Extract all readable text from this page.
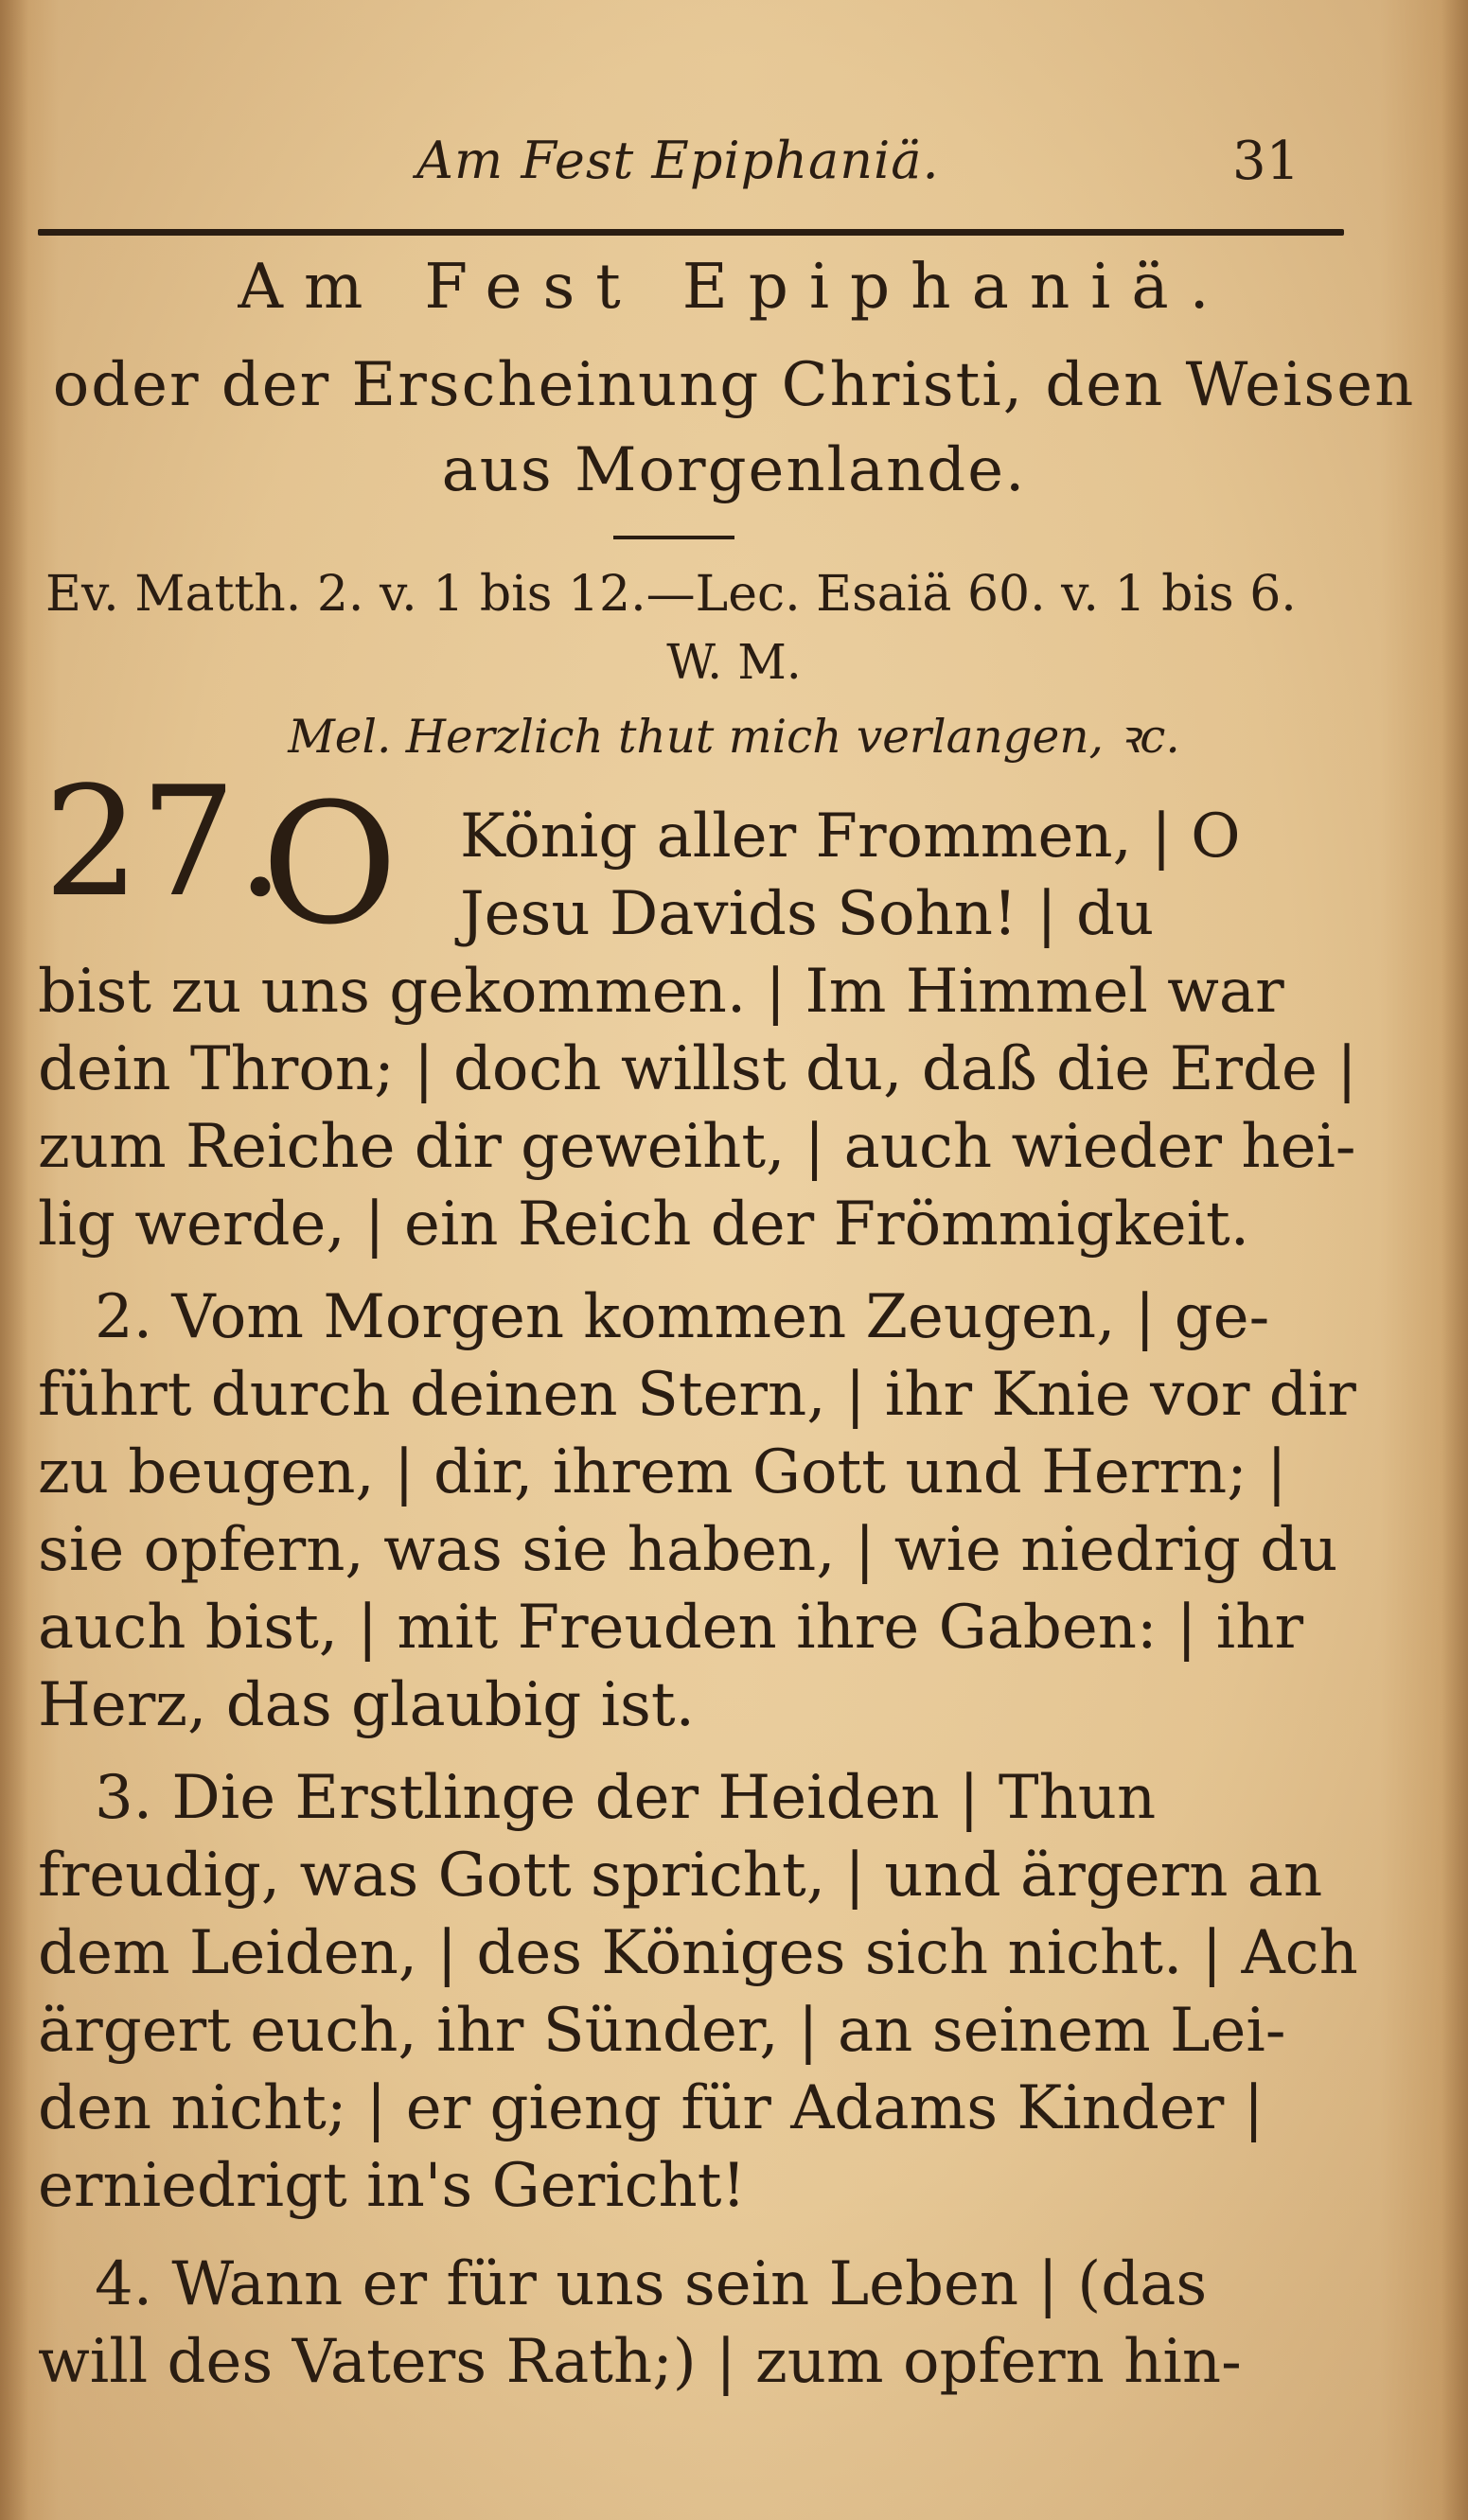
Am Fest Epiphaniä.	31
Am Fest Epiphaniä.
oder der Erscheinung Christi, den Weisen
aus Morgenlande.
Ev. Matth. 2. v. 1 bis 12.—Lec. Esaiä 60. v. 1 bis 6.
W. M.
Mel. Herzlich thut mich verlangen, ꝛc.
27.
O König aller Frommen, | O
Jesu Davids Sohn! | du
bist zu uns gekommen. | Im Himmel war
dein Thron; | doch willst du, daß die Erde |
zum Reiche dir geweiht, | auch wieder hei-
lig werde, | ein Reich der Frömmigkeit.
2. Vom Morgen kommen Zeugen, | ge-
führt durch deinen Stern, | ihr Knie vor dir
zu beugen, | dir, ihrem Gott und Herrn; |
sie opfern, was sie haben, | wie niedrig du
auch bist, | mit Freuden ihre Gaben: | ihr
Herz, das glaubig ist.
3. Die Erstlinge der Heiden | Thun
freudig, was Gott spricht, | und ärgern an
dem Leiden, | des Königes sich nicht. | Ach
ärgert euch, ihr Sünder, | an seinem Lei-
den nicht; | er gieng für Adams Kinder |
erniedrigt in's Gericht!
4. Wann er für uns sein Leben | (das
will des Vaters Rath;) | zum opfern hin-
